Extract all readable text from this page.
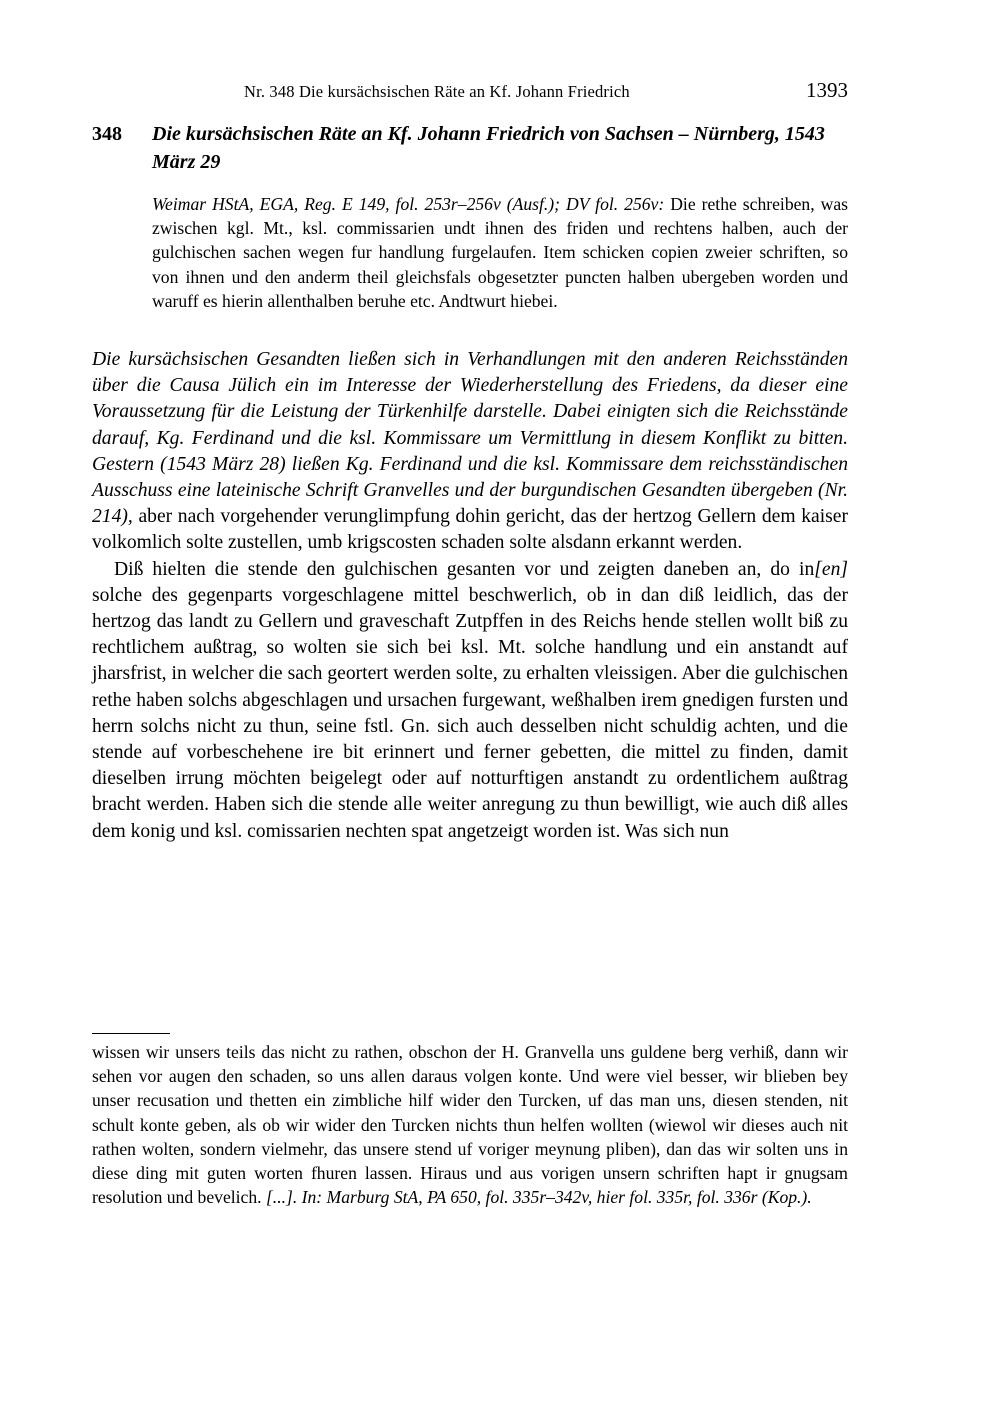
Nr. 348 Die kursächsischen Räte an Kf. Johann Friedrich	1393
348	Die kursächsischen Räte an Kf. Johann Friedrich von Sachsen – Nürnberg, 1543 März 29
Weimar HStA, EGA, Reg. E 149, fol. 253r–256v (Ausf.); DV fol. 256v: Die rethe schreiben, was zwischen kgl. Mt., ksl. commissarien undt ihnen des friden und rechtens halben, auch der gulchischen sachen wegen fur handlung furgelaufen. Item schicken copien zweier schriften, so von ihnen und den anderm theil gleichsfals obgesetzter puncten halben ubergeben worden und waruff es hierin allenthalben beruhe etc. Andtwurt hiebei.

Die kursächsischen Gesandten ließen sich in Verhandlungen mit den anderen Reichsständen über die Causa Jülich ein im Interesse der Wiederherstellung des Friedens, da dieser eine Voraussetzung für die Leistung der Türkenhilfe darstelle. Dabei einigten sich die Reichsstände darauf, Kg. Ferdinand und die ksl. Kommissare um Vermittlung in diesem Konflikt zu bitten. Gestern (1543 März 28) ließen Kg. Ferdinand und die ksl. Kommissare dem reichsständischen Ausschuss eine lateinische Schrift Granvelles und der burgundischen Gesandten übergeben (Nr. 214), aber nach vorgehender verunglimpfung dohin gericht, das der hertzog Gellern dem kaiser volkomlich solte zustellen, umb krigscosten schaden solte alsdann erkannt werden.

Diß hielten die stende den gulchischen gesanten vor und zeigten daneben an, do in[en] solche des gegenparts vorgeschlagene mittel beschwerlich, ob in dan diß leidlich, das der hertzog das landt zu Gellern und graveschaft Zutpffen in des Reichs hende stellen wollt biß zu rechtlichem außtrag, so wolten sie sich bei ksl. Mt. solche handlung und ein anstandt auf jharsfrist, in welcher die sach geortert werden solte, zu erhalten vleissigen. Aber die gulchischen rethe haben solchs abgeschlagen und ursachen furgewant, weßhalben irem gnedigen fursten und herrn solchs nicht zu thun, seine fstl. Gn. sich auch desselben nicht schuldig achten, und die stende auf vorbeschehene ire bit erinnert und ferner gebetten, die mittel zu finden, damit dieselben irrung möchten beigelegt oder auf notturftigen anstandt zu ordentlichem außtrag bracht werden. Haben sich die stende alle weiter anregung zu thun bewilligt, wie auch diß alles dem konig und ksl. comissarien nechten spat angetzeigt worden ist. Was sich nun

wissen wir unsers teils das nicht zu rathen, obschon der H. Granvella uns guldene berg verhiß, dann wir sehen vor augen den schaden, so uns allen daraus volgen konte. Und were viel besser, wir blieben bey unser recusation und thetten ein zimbliche hilf wider den Turcken, uf das man uns, diesen stenden, nit schult konte geben, als ob wir wider den Turcken nichts thun helfen wollten (wiewol wir dieses auch nit rathen wolten, sondern vielmehr, das unsere stend uf voriger meynung pliben), dan das wir solten uns in diese ding mit guten worten fhuren lassen. Hiraus und aus vorigen unsern schriften hapt ir gnugsam resolution und bevelich. [...]. In: Marburg StA, PA 650, fol. 335r–342v, hier fol. 335r, fol. 336r (Kop.).
